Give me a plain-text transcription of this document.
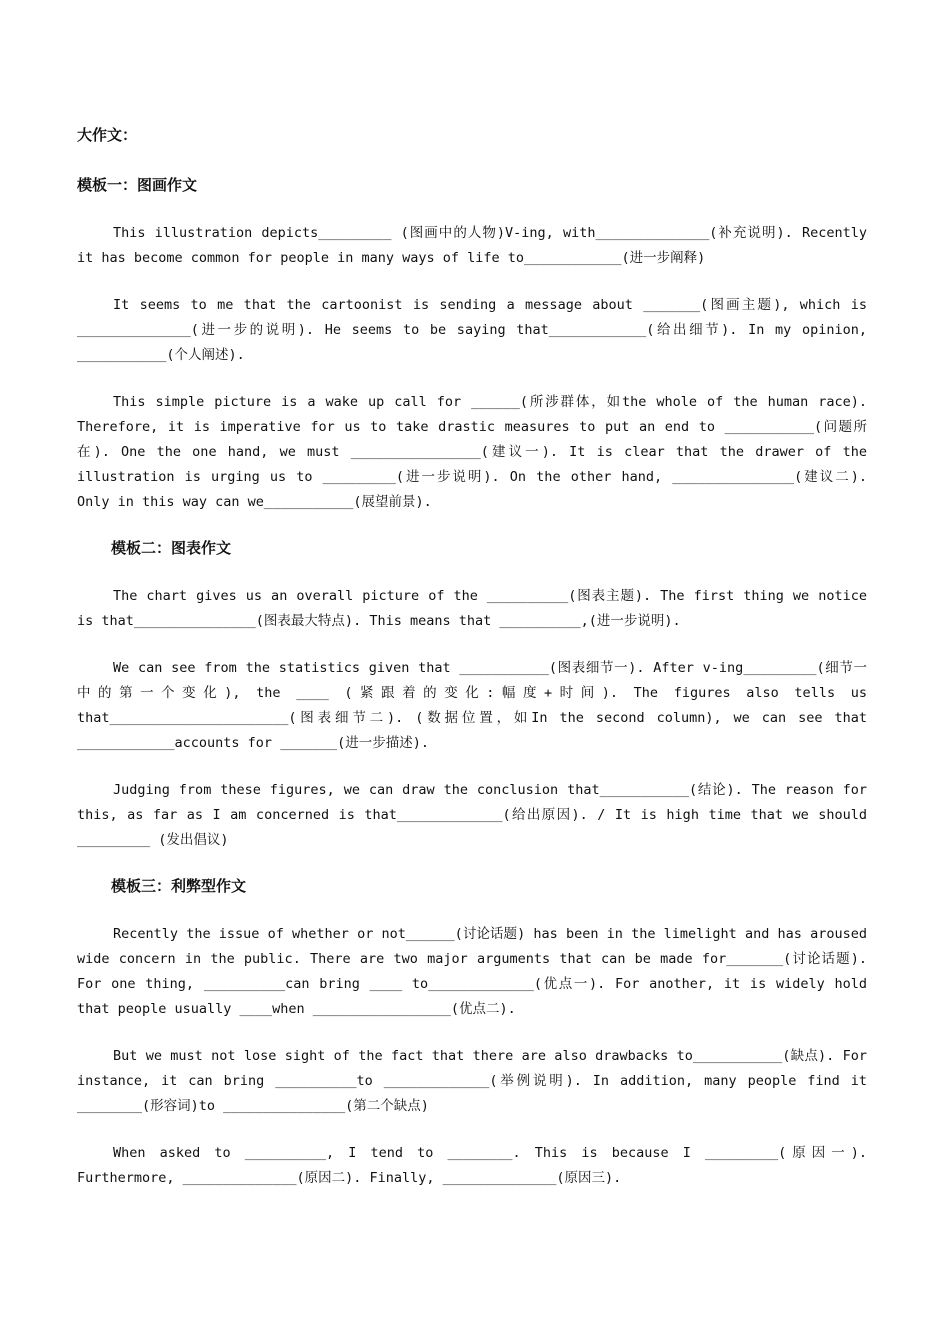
大作文：
模板一：图画作文

This illustration depicts_________ (图画中的人物)V-ing, with______________(补充说明). Recently it has become common for people in many ways of life to____________(进一步阐释)

It seems to me that the cartoonist is sending a message about _______(图画主题), which is ______________(进一步的说明). He seems to be saying that____________(给出细节). In my opinion, ___________(个人阐述).

This simple picture is a wake up call for ______(所涉群体，如the whole of the human race). Therefore, it is imperative for us to take drastic measures to put an end to ___________(问题所在). One the one hand, we must ________________(建议一). It is clear that the drawer of the illustration is urging us to _________(进一步说明). On the other hand, _______________(建议二). Only in this way can we___________(展望前景).

模板二：图表作文

The chart gives us an overall picture of the __________(图表主题). The first thing we notice is that_______________(图表最大特点). This means that __________,(进一步说明).

We can see from the statistics given that ___________(图表细节一). After v-ing_________(细节一中的第一个变化), the ____ (紧跟着的变化:幅度+时间). The figures also tells us that______________________(图表细节二). (数据位置，如In the second column), we can see that ____________accounts for _______(进一步描述).

Judging from these figures, we can draw the conclusion that___________(结论). The reason for this, as far as I am concerned is that_____________(给出原因). / It is high time that we should _________ (发出倡议)

模板三：利弊型作文

Recently the issue of whether or not______(讨论话题) has been in the limelight and has aroused wide concern in the public. There are two major arguments that can be made for_______(讨论话题). For one thing, __________can bring ____ to_____________(优点一). For another, it is widely hold that people usually ____when _________________(优点二).

But we must not lose sight of the fact that there are also drawbacks to___________(缺点). For instance, it can bring __________to _____________(举例说明). In addition, many people find it ________(形容词)to _______________(第二个缺点)

When asked to __________, I tend to ________. This is because I _________(原因一). Furthermore, ______________(原因二). Finally, ______________(原因三).
